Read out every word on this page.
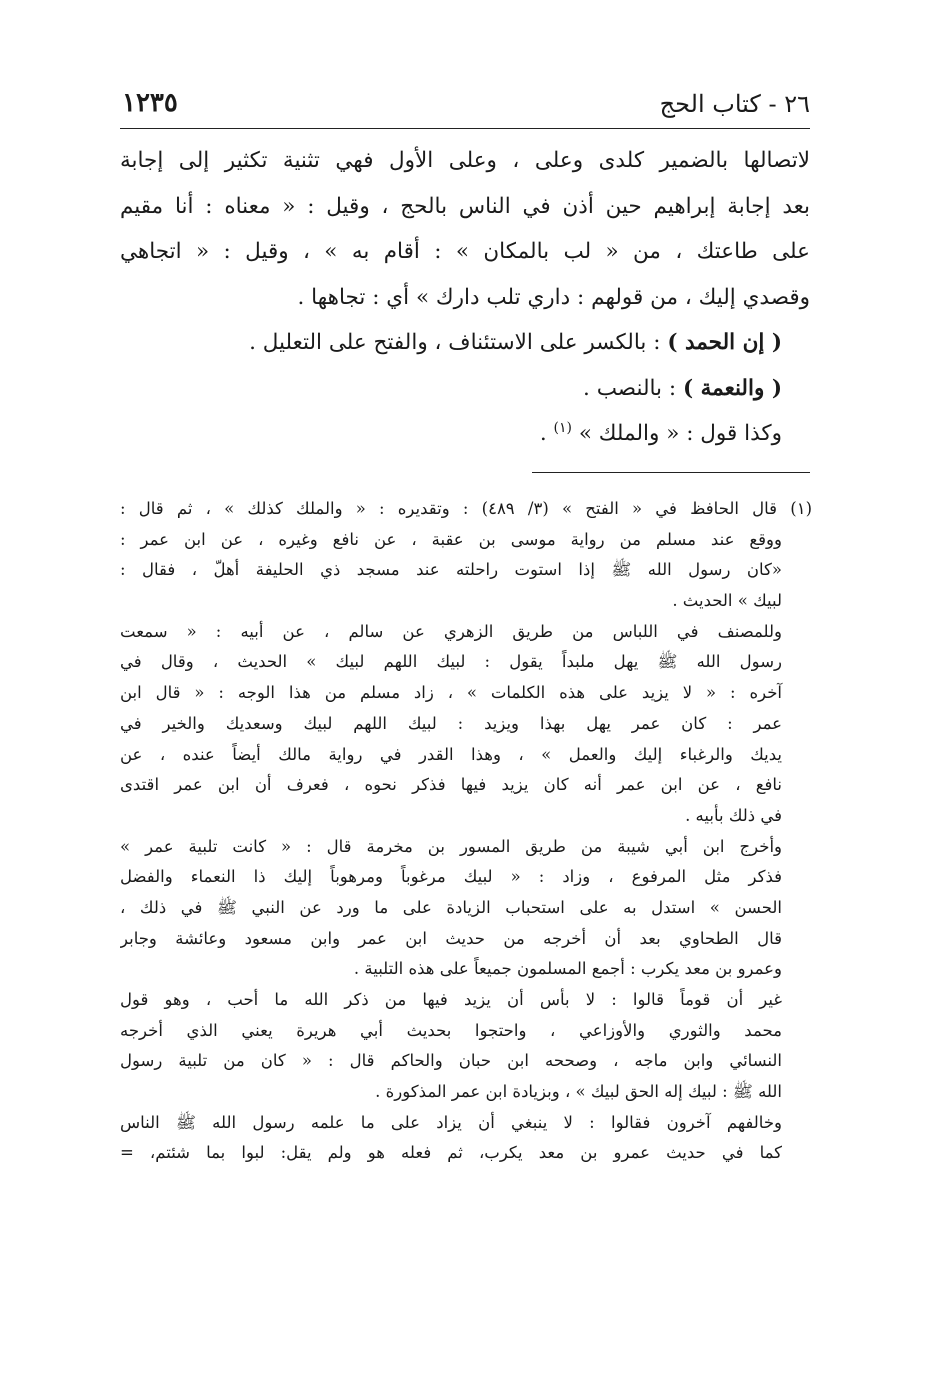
٢٦ - كتاب الحج
١٢٣٥
لاتصالها بالضمير كلدى وعلى ، وعلى الأول فهي تثنية تكثير إلى إجابة
بعد إجابة إبراهيم حين أذن في الناس بالحج ، وقيل : « معناه : أنا مقيم
على طاعتك ، من « لب بالمكان » : أقام به » ، وقيل : « اتجاهي
وقصدي إليك ، من قولهم : داري تلب دارك » أي : تجاهها .
( إن الحمد ) : بالكسر على الاستئناف ، والفتح على التعليل .
( والنعمة ) : بالنصب .
وكذا قول : « والملك » $^{(١)}$ .
(١) قال الحافظ في « الفتح » (٣/ ٤٨٩) : وتقديره : « والملك كذلك » ، ثم قال :
ووقع عند مسلم من رواية موسى بن عقبة ، عن نافع وغيره ، عن ابن عمر :
«كان رسول الله ﷺ إذا استوت راحلته عند مسجد ذي الحليفة أهلّ ، فقال :
لبيك » الحديث .
وللمصنف في اللباس من طريق الزهري عن سالم ، عن أبيه : « سمعت
رسول الله ﷺ يهل ملبداً يقول : لبيك اللهم لبيك » الحديث ، وقال في
آخره : « لا يزيد على هذه الكلمات » ، زاد مسلم من هذا الوجه : « قال ابن
عمر : كان عمر يهل بهذا ويزيد : لبيك اللهم لبيك وسعديك والخير في
يديك والرغباء إليك والعمل » ، وهذا القدر في رواية مالك أيضاً عنده ، عن
نافع ، عن ابن عمر أنه كان يزيد فيها فذكر نحوه ، فعرف أن ابن عمر اقتدى
في ذلك بأبيه .
وأخرج ابن أبي شيبة من طريق المسور بن مخرمة قال : « كانت تلبية عمر »
فذكر مثل المرفوع ، وزاد : « لبيك مرغوباً ومرهوباً إليك ذا النعماء والفضل
الحسن » استدل به على استحباب الزيادة على ما ورد عن النبي ﷺ في ذلك ،
قال الطحاوي بعد أن أخرجه من حديث ابن عمر وابن مسعود وعائشة وجابر
وعمرو بن معد يكرب : أجمع المسلمون جميعاً على هذه التلبية .
غير أن قوماً قالوا : لا بأس أن يزيد فيها من ذكر الله ما أحب ، وهو قول
محمد والثوري والأوزاعي ، واحتجوا بحديث أبي هريرة يعني الذي أخرجه
النسائي وابن ماجه ، وصححه ابن حبان والحاكم قال : « كان من تلبية رسول
الله ﷺ : لبيك إله الحق لبيك » ، وبزيادة ابن عمر المذكورة .
وخالفهم آخرون فقالوا : لا ينبغي أن يزاد على ما علمه رسول الله ﷺ الناس
كما في حديث عمرو بن معد يكرب، ثم فعله هو ولم يقل: لبوا بما شئتم، =
